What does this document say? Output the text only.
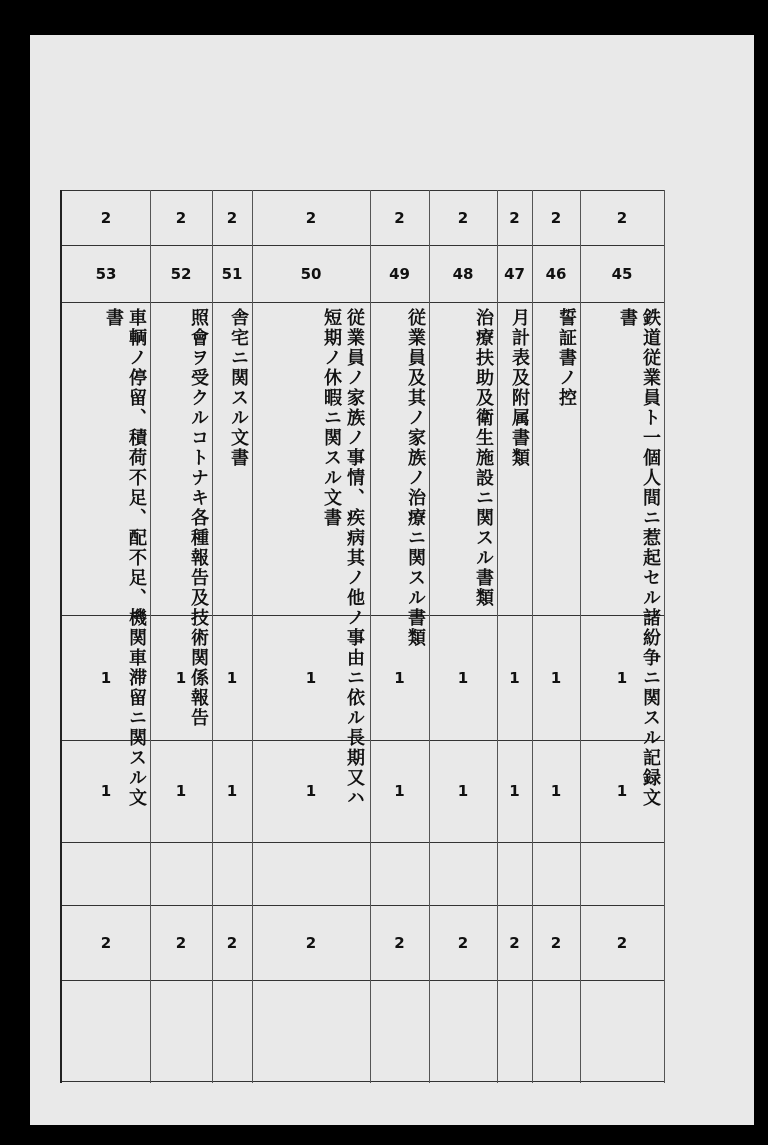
2
53
車輌ノ停留、積荷不足、配不足、機関車滞留ニ関スル文書
1
1
2
2
52
照會ヲ受クルコトナキ各種報告及技術関係報告
1
1
2
2
51
舎宅ニ関スル文書
1
1
2
2
50
従業員ノ家族ノ事情、疾病其ノ他ノ事由ニ依ル長期又ハ短期ノ休暇ニ関スル文書
1
1
2
2
49
従業員及其ノ家族ノ治療ニ関スル書類
1
1
2
2
48
治療扶助及衛生施設ニ関スル書類
1
1
2
2
47
月計表及附属書類
1
1
2
2
46
誓証書ノ控
1
1
2
2
45
鉄道従業員ト一個人間ニ惹起セル諸紛争ニ関スル記録文書
1
1
2
